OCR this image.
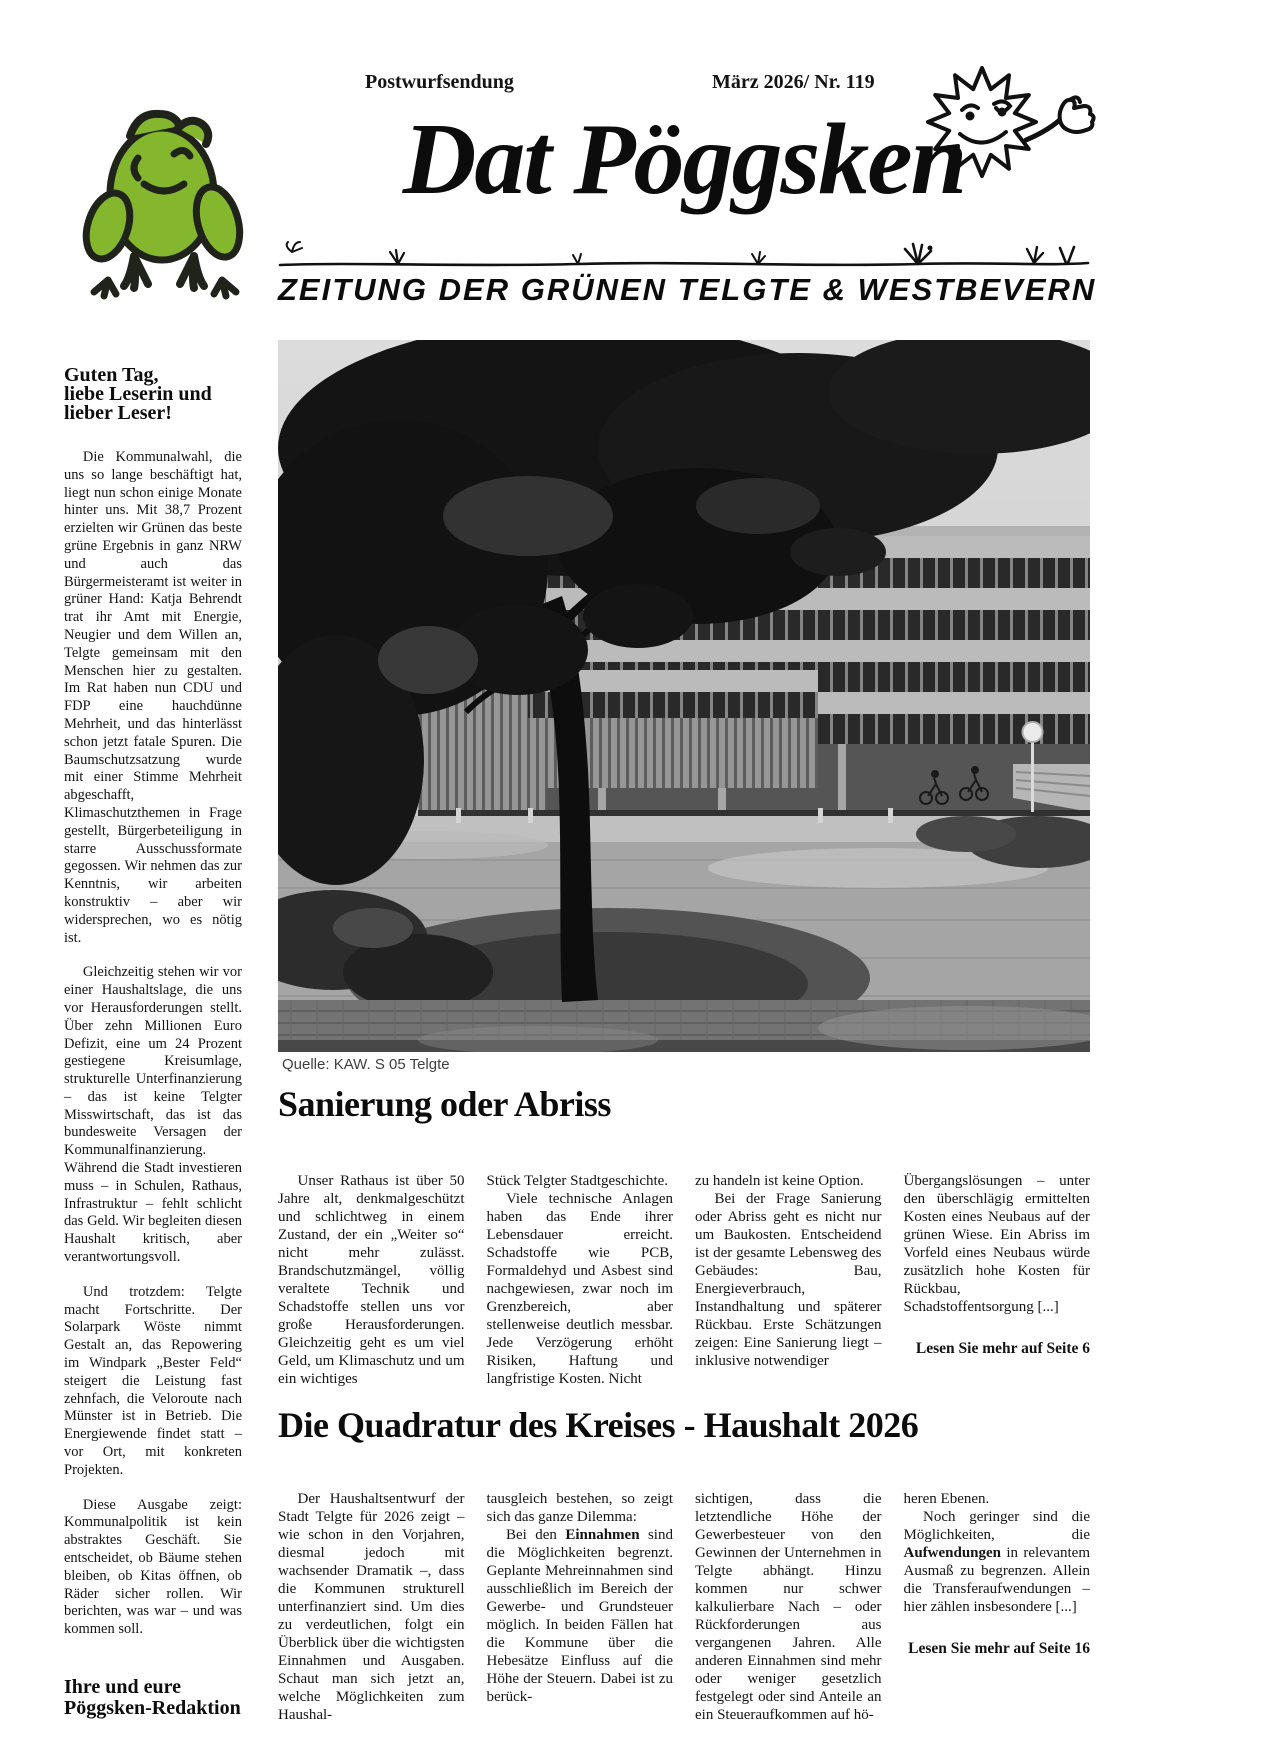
Postwurfsendung	März 2026/ Nr. 119
Dat Pöggsken
ZEITUNG DER GRÜNEN TELGTE & WESTBEVERN
Guten Tag,
liebe Leserin und
lieber Leser!

Die Kommunalwahl, die uns so lange beschäftigt hat, liegt nun schon einige Monate hinter uns. Mit 38,7 Prozent erzielten wir Grünen das beste grüne Ergebnis in ganz NRW und auch das Bürgermeisteramt ist weiter in grüner Hand: Katja Behrendt trat ihr Amt mit Energie, Neugier und dem Willen an, Telgte gemeinsam mit den Menschen hier zu gestalten. Im Rat haben nun CDU und FDP eine hauchdünne Mehrheit, und das hinterlässt schon jetzt fatale Spuren. Die Baumschutzsatzung wurde mit einer Stimme Mehrheit abgeschafft, Klimaschutzthemen in Frage gestellt, Bürgerbeteiligung in starre Ausschussformate gegossen. Wir nehmen das zur Kenntnis, wir arbeiten konstruktiv – aber wir widersprechen, wo es nötig ist.

Gleichzeitig stehen wir vor einer Haushaltslage, die uns vor Herausforderungen stellt. Über zehn Millionen Euro Defizit, eine um 24 Prozent gestiegene Kreisumlage, strukturelle Unterfinanzierung – das ist keine Telgter Misswirtschaft, das ist das bundesweite Versagen der Kommunalfinanzierung. Während die Stadt investieren muss – in Schulen, Rathaus, Infrastruktur – fehlt schlicht das Geld. Wir begleiten diesen Haushalt kritisch, aber verantwortungsvoll.

Und trotzdem: Telgte macht Fortschritte. Der Solarpark Wöste nimmt Gestalt an, das Repowering im Windpark „Bester Feld“ steigert die Leistung fast zehnfach, die Veloroute nach Münster ist in Betrieb. Die Energiewende findet statt – vor Ort, mit konkreten Projekten.

Diese Ausgabe zeigt: Kommunalpolitik ist kein abstraktes Geschäft. Sie entscheidet, ob Bäume stehen bleiben, ob Kitas öffnen, ob Räder sicher rollen. Wir berichten, was war – und was kommen soll.

Ihre und eure
Pöggsken-Redaktion
Quelle: KAW. S 05 Telgte
Sanierung oder Abriss

Unser Rathaus ist über 50 Jahre alt, denkmalgeschützt und schlichtweg in einem Zustand, der ein „Weiter so“ nicht mehr zulässt. Brandschutzmängel, völlig veraltete Technik und Schadstoffe stellen uns vor große Herausforderungen. Gleichzeitig geht es um viel Geld, um Klimaschutz und um ein wichtiges

Stück Telgter Stadtgeschichte.

Viele technische Anlagen haben das Ende ihrer Lebensdauer erreicht. Schadstoffe wie PCB, Formaldehyd und Asbest sind nachgewiesen, zwar noch im Grenzbereich, aber stellenweise deutlich messbar. Jede Verzögerung erhöht Risiken, Haftung und langfristige Kosten. Nicht

zu handeln ist keine Option.

Bei der Frage Sanierung oder Abriss geht es nicht nur um Baukosten. Entscheidend ist der gesamte Lebensweg des Gebäudes: Bau, Energieverbrauch, Instandhaltung und späterer Rückbau. Erste Schätzungen zeigen: Eine Sanierung liegt – inklusive notwendiger

Übergangslösungen – unter den überschlägig ermittelten Kosten eines Neubaus auf der grünen Wiese. Ein Abriss im Vorfeld eines Neubaus würde zusätzlich hohe Kosten für Rückbau, Schadstoffentsorgung [...]

Lesen Sie mehr auf Seite 6

Die Quadratur des Kreises - Haushalt 2026

Der Haushaltsentwurf der Stadt Telgte für 2026 zeigt – wie schon in den Vorjahren, diesmal jedoch mit wachsender Dramatik –, dass die Kommunen strukturell unterfinanziert sind. Um dies zu verdeutlichen, folgt ein Überblick über die wichtigsten Einnahmen und Ausgaben. Schaut man sich jetzt an, welche Möglichkeiten zum Haushal-

tausgleich bestehen, so zeigt sich das ganze Dilemma:

Bei den Einnahmen sind die Möglichkeiten begrenzt. Geplante Mehreinnahmen sind ausschließlich im Bereich der Gewerbe- und Grundsteuer möglich. In beiden Fällen hat die Kommune über die Hebesätze Einfluss auf die Höhe der Steuern. Dabei ist zu berück-

sichtigen, dass die letztendliche Höhe der Gewerbesteuer von den Gewinnen der Unternehmen in Telgte abhängt. Hinzu kommen nur schwer kalkulierbare Nach – oder Rückforderungen aus vergangenen Jahren. Alle anderen Einnahmen sind mehr oder weniger gesetzlich festgelegt oder sind Anteile an ein Steueraufkommen auf hö-

heren Ebenen.

Noch geringer sind die Möglichkeiten, die Aufwendungen in relevantem Ausmaß zu begrenzen. Allein die Transferaufwendungen – hier zählen insbesondere [...]

Lesen Sie mehr auf Seite 16
